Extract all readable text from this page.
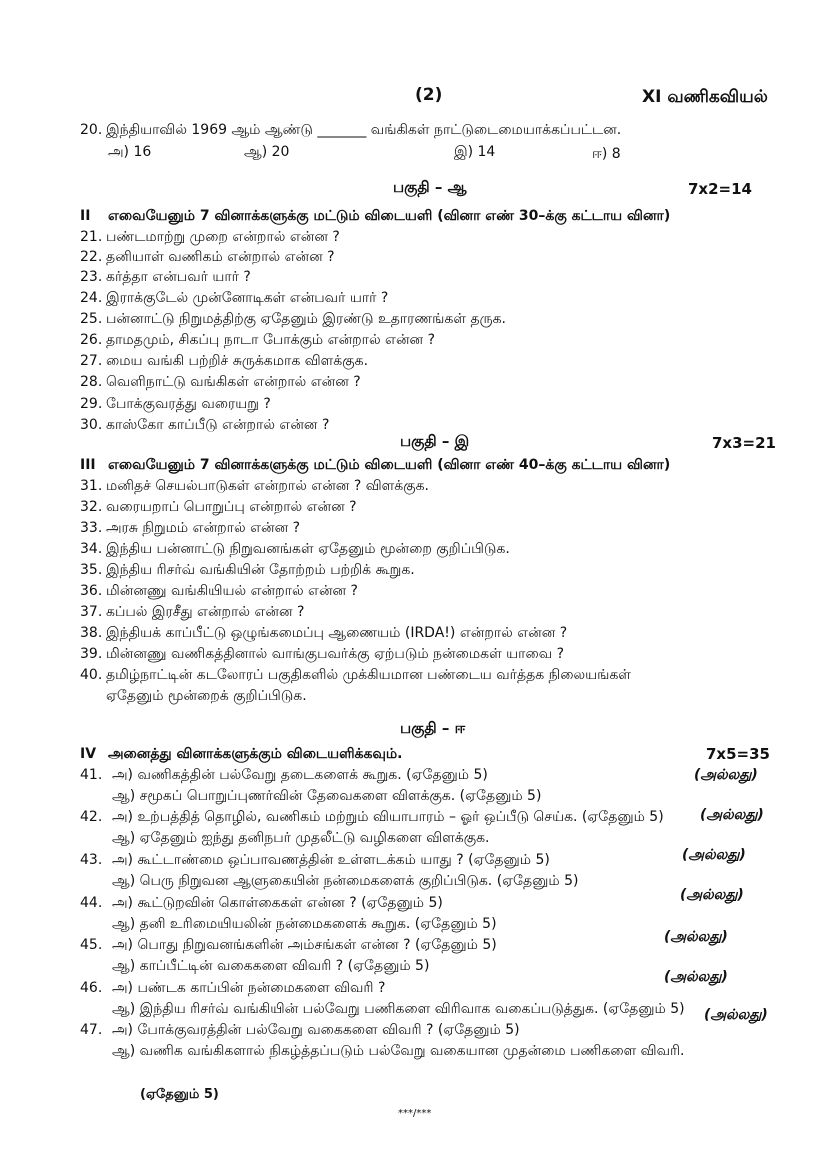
(2)	XI வணிகவியல்
20. இந்தியாவில் 1969 ஆம் ஆண்டு _______ வங்கிகள் நாட்டுடைமையாக்கப்பட்டன.
அ) 16	ஆ) 20	இ) 14	ஈ) 8
பகுதி – ஆ	7x2=14
II எவையேனும் 7 வினாக்களுக்கு மட்டும் விடையளி (வினா எண் 30–க்கு கட்டாய வினா)
21. பண்டமாற்று முறை என்றால் என்ன ?
22. தனியாள் வணிகம் என்றால் என்ன ?
23. கர்த்தா என்பவர் யார் ?
24. இராக்குடேல் முன்னோடிகள் என்பவர் யார் ?
25. பன்னாட்டு நிறுமத்திற்கு ஏதேனும் இரண்டு உதாரணங்கள் தருக.
26. தாமதமும், சிகப்பு நாடா போக்கும் என்றால் என்ன ?
27. மைய வங்கி பற்றிச் சுருக்கமாக விளக்குக.
28. வெளிநாட்டு வங்கிகள் என்றால் என்ன ?
29. போக்குவரத்து வரையறு ?
30. காஸ்கோ காப்பீடு என்றால் என்ன ?
பகுதி – இ	7x3=21
III எவையேனும் 7 வினாக்களுக்கு மட்டும் விடையளி (வினா எண் 40–க்கு கட்டாய வினா)
31. மனிதச் செயல்பாடுகள் என்றால் என்ன ? விளக்குக.
32. வரையறாப் பொறுப்பு என்றால் என்ன ?
33. அரசு நிறுமம் என்றால் என்ன ?
34. இந்திய பன்னாட்டு நிறுவனங்கள் ஏதேனும் மூன்றை குறிப்பிடுக.
35. இந்திய ரிசர்வ் வங்கியின் தோற்றம் பற்றிக் கூறுக.
36. மின்னணு வங்கியியல் என்றால் என்ன ?
37. கப்பல் இரசீது என்றால் என்ன ?
38. இந்தியக் காப்பீட்டு ஒழுங்கமைப்பு ஆணையம் (IRDA!) என்றால் என்ன ?
39. மின்னணு வணிகத்தினால் வாங்குபவர்க்கு ஏற்படும் நன்மைகள் யாவை ?
40. தமிழ்நாட்டின் கடலோரப் பகுதிகளில் முக்கியமான பண்டைய வர்த்தக நிலையங்கள்
ஏதேனும் மூன்றைக் குறிப்பிடுக.
பகுதி – ஈ
IV அனைத்து வினாக்களுக்கும் விடையளிக்கவும்.	7x5=35
41. அ) வணிகத்தின் பல்வேறு தடைகளைக் கூறுக. (ஏதேனும் 5)	(அல்லது)
ஆ) சமூகப் பொறுப்புணர்வின் தேவைகளை விளக்குக. (ஏதேனும் 5)
42. அ) உற்பத்தித் தொழில், வணிகம் மற்றும் வியாபாரம் – ஓர் ஒப்பீடு செய்க. (ஏதேனும் 5)	(அல்லது)
ஆ) ஏதேனும் ஐந்து தனிநபர் முதலீட்டு வழிகளை விளக்குக.
43. அ) கூட்டாண்மை ஒப்பாவணத்தின் உள்ளடக்கம் யாது ? (ஏதேனும் 5)	(அல்லது)
ஆ) பெரு நிறுவன ஆளுகையின் நன்மைகளைக் குறிப்பிடுக. (ஏதேனும் 5)
44. அ) கூட்டுறவின் கொள்கைகள் என்ன ? (ஏதேனும் 5)	(அல்லது)
ஆ) தனி உரிமையியலின் நன்மைகளைக் கூறுக. (ஏதேனும் 5)
45. அ) பொது நிறுவனங்களின் அம்சங்கள் என்ன ? (ஏதேனும் 5)	(அல்லது)
ஆ) காப்பீட்டின் வகைகளை விவரி ? (ஏதேனும் 5)
46. அ) பண்டக காப்பின் நன்மைகளை விவரி ?
(அல்லது)
ஆ) இந்திய ரிசர்வ் வங்கியின் பல்வேறு பணிகளை விரிவாக வகைப்படுத்துக. (ஏதேனும் 5)
47. அ) போக்குவரத்தின் பல்வேறு வகைகளை விவரி ? (ஏதேனும் 5)
(அல்லது)
ஆ) வணிக வங்கிகளால் நிகழ்த்தப்படும் பல்வேறு வகையான முதன்மை பணிகளை விவரி.
(ஏதேனும் 5)
***/***
